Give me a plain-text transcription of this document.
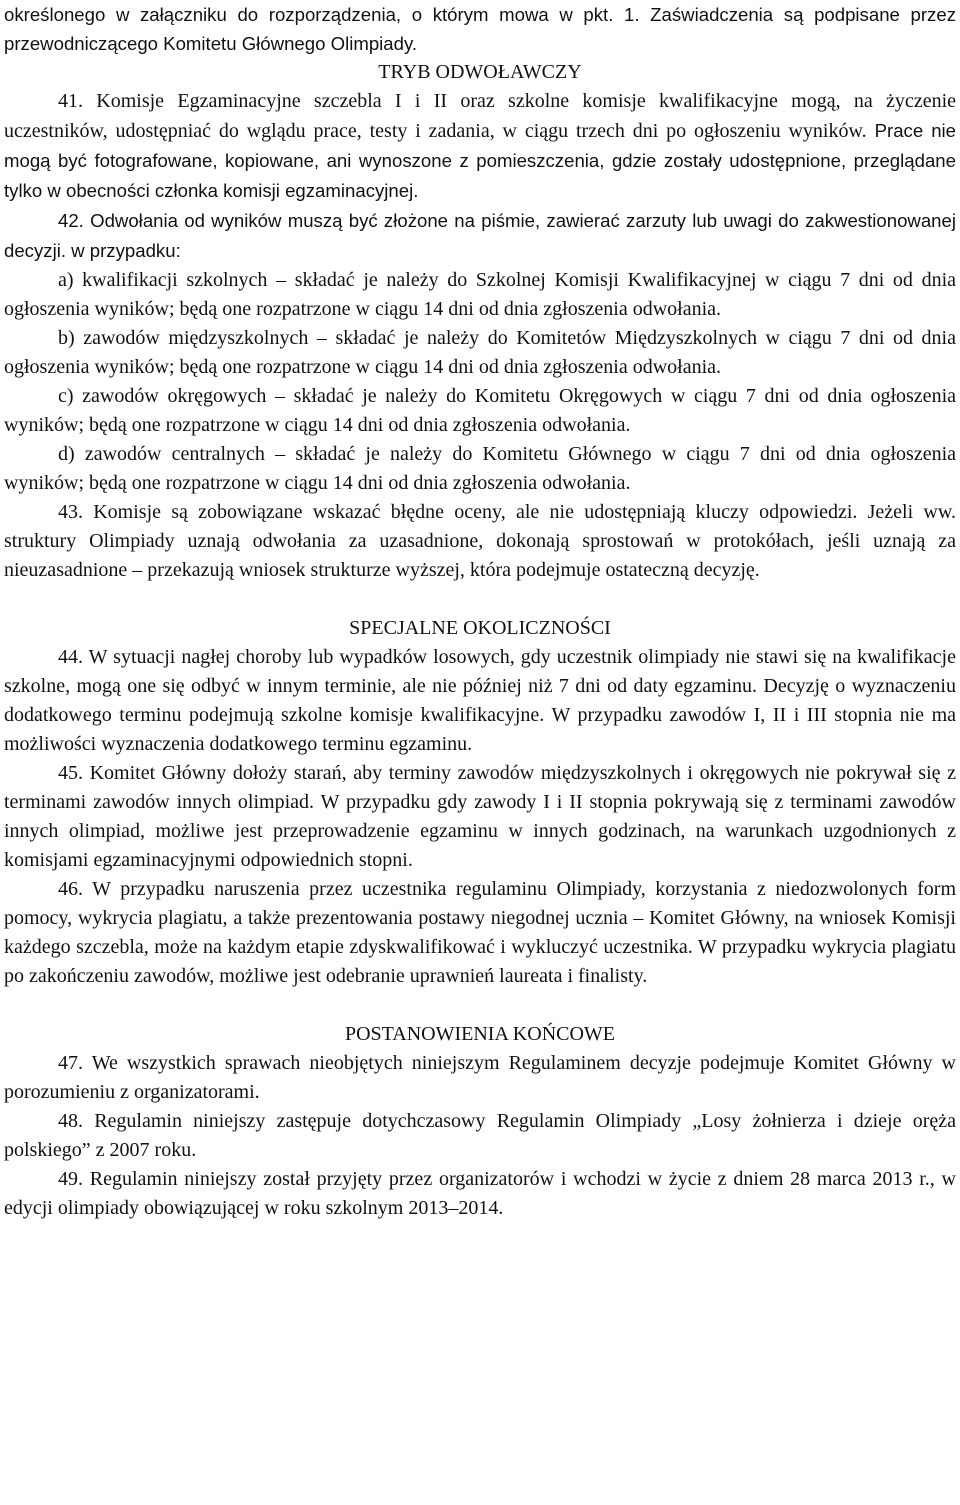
określonego w załączniku do rozporządzenia, o którym mowa w pkt. 1. Zaświadczenia są podpisane przez przewodniczącego Komitetu Głównego Olimpiady.

TRYB ODWOŁAWCZY

41. Komisje Egzaminacyjne szczebla I i II oraz szkolne komisje kwalifikacyjne mogą, na życzenie uczestników, udostępniać do wglądu prace, testy i zadania, w ciągu trzech dni po ogłoszeniu wyników. Prace nie mogą być fotografowane, kopiowane, ani wynoszone z pomieszczenia, gdzie zostały udostępnione, przeglądane tylko w obecności członka komisji egzaminacyjnej.

42. Odwołania od wyników muszą być złożone na piśmie, zawierać zarzuty lub uwagi do zakwestionowanej decyzji. w przypadku:

a) kwalifikacji szkolnych – składać je należy do Szkolnej Komisji Kwalifikacyjnej w ciągu 7 dni od dnia ogłoszenia wyników; będą one rozpatrzone w ciągu 14 dni od dnia zgłoszenia odwołania.

b) zawodów międzyszkolnych – składać je należy do Komitetów Międzyszkolnych w ciągu 7 dni od dnia ogłoszenia wyników; będą one rozpatrzone w ciągu 14 dni od dnia zgłoszenia odwołania.

c) zawodów okręgowych – składać je należy do Komitetu Okręgowych w ciągu 7 dni od dnia ogłoszenia wyników; będą one rozpatrzone w ciągu 14 dni od dnia zgłoszenia odwołania.

d) zawodów centralnych – składać je należy do Komitetu Głównego w ciągu 7 dni od dnia ogłoszenia wyników; będą one rozpatrzone w ciągu 14 dni od dnia zgłoszenia odwołania.

43. Komisje są zobowiązane wskazać błędne oceny, ale nie udostępniają kluczy odpowiedzi. Jeżeli ww. struktury Olimpiady uznają odwołania za uzasadnione, dokonają sprostowań w protokółach, jeśli uznają za nieuzasadnione – przekazują wniosek strukturze wyższej, która podejmuje ostateczną decyzję.

SPECJALNE OKOLICZNOŚCI

44. W sytuacji nagłej choroby lub wypadków losowych, gdy uczestnik olimpiady nie stawi się na kwalifikacje szkolne, mogą one się odbyć w innym terminie, ale nie później niż 7 dni od daty egzaminu. Decyzję o wyznaczeniu dodatkowego terminu podejmują szkolne komisje kwalifikacyjne. W przypadku zawodów I, II i III stopnia nie ma możliwości wyznaczenia dodatkowego terminu egzaminu.

45. Komitet Główny dołoży starań, aby terminy zawodów międzyszkolnych i okręgowych nie pokrywał się z terminami zawodów innych olimpiad. W przypadku gdy zawody I i II stopnia pokrywają się z terminami zawodów innych olimpiad, możliwe jest przeprowadzenie egzaminu w innych godzinach, na warunkach uzgodnionych z komisjami egzaminacyjnymi odpowiednich stopni.

46. W przypadku naruszenia przez uczestnika regulaminu Olimpiady, korzystania z niedozwolonych form pomocy, wykrycia plagiatu, a także prezentowania postawy niegodnej ucznia – Komitet Główny, na wniosek Komisji każdego szczebla, może na każdym etapie zdyskwalifikować i wykluczyć uczestnika. W przypadku wykrycia plagiatu po zakończeniu zawodów, możliwe jest odebranie uprawnień laureata i finalisty.

POSTANOWIENIA KOŃCOWE

47. We wszystkich sprawach nieobjętych niniejszym Regulaminem decyzje podejmuje Komitet Główny w porozumieniu z organizatorami.

48. Regulamin niniejszy zastępuje dotychczasowy Regulamin Olimpiady „Losy żołnierza i dzieje oręża polskiego” z 2007 roku.

49. Regulamin niniejszy został przyjęty przez organizatorów i wchodzi w życie z dniem 28 marca 2013 r., w edycji olimpiady obowiązującej w roku szkolnym 2013–2014.
